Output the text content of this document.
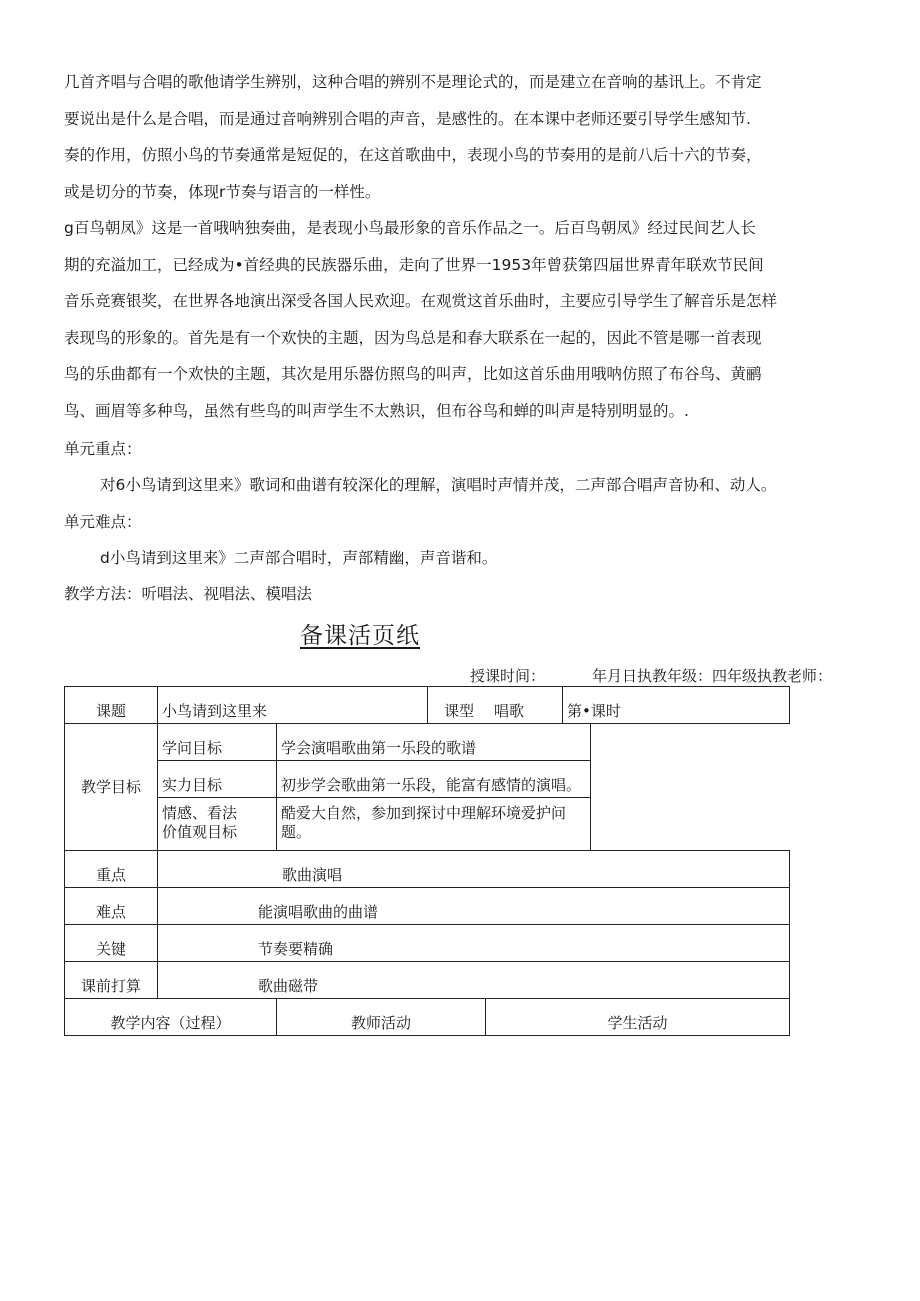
几首齐唱与合唱的歌他请学生辨别，这种合唱的辨别不是理论式的，而是建立在音响的基讯上。不肯定
要说出是什么是合唱，而是通过音响辨别合唱的声音，是感性的。在本课中老师还要引导学生感知节.
奏的作用，仿照小鸟的节奏通常是短促的，在这首歌曲中，表现小鸟的节奏用的是前八后十六的节奏，
或是切分的节奏，体现r节奏与语言的一样性。
g百鸟朝凤》这是一首哦呐独奏曲，是表现小鸟最形象的音乐作品之一。后百鸟朝凤》经过民间艺人长
期的充溢加工，已经成为•首经典的民族器乐曲，走向了世界一1953年曾获第四届世界青年联欢节民间
音乐竞赛银奖，在世界各地演出深受各国人民欢迎。在观赏这首乐曲时，主要应引导学生了解音乐是怎样
表现鸟的形象的。首先是有一个欢快的主题，因为鸟总是和春大联系在一起的，因此不管是哪一首表现
鸟的乐曲都有一个欢快的主题，其次是用乐器仿照鸟的叫声，比如这首乐曲用哦呐仿照了布谷鸟、黄鹂
鸟、画眉等多种鸟，虽然有些鸟的叫声学生不太熟识，但布谷鸟和蝉的叫声是特别明显的。.
单元重点：
对6小鸟请到这里来》歌词和曲谱有较深化的理解，演唱时声情并茂，二声部合唱声音协和、动人。
单元难点：
d小鸟请到这里来》二声部合唱时，声部精幽，声音谐和。
教学方法：听唱法、视唱法、模唱法
备课活页纸
授课时间：	年月日执教年级：四年级执教老师：
课题	小鸟请到这里来		课型 唱歌		第•课时	
教学目标	学问目标	学会演唱歌曲第一乐段的歌谱				
	实力目标	初步学会歌曲第一乐段，能富有感情的演唱。				
	情感、看法
价值观目标	酷爱大自然，参加到探讨中理解环境爱护问题。				
重点	歌曲演唱					
难点	能演唱歌曲的曲谱					
关键	节奏要精确					
课前打算	歌曲磁带					
教学内容（过程）		教师活动		学生活动		
